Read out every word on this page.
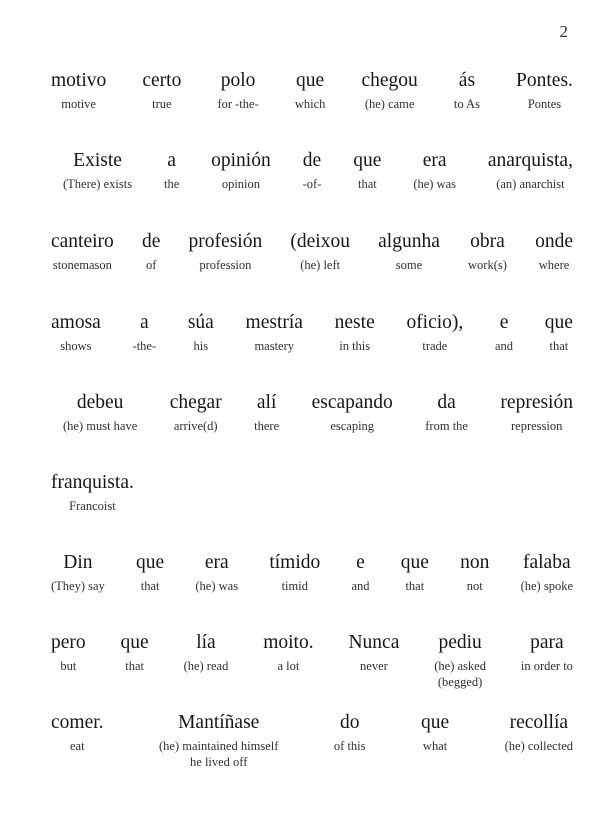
2
motivo
motive
certo
true
polo
for -the-
que
which
chegou
(he) came
ás
to As
Pontes.
Pontes
Existe
(There) exists
a
the
opinión
opinion
de
-of-
que
that
era
(he) was
anarquista,
(an) anarchist
canteiro
stonemason
de
of
profesión
profession
(deixou
(he) left
algunha
some
obra
work(s)
onde
where
amosa
shows
a
-the-
súa
his
mestría
mastery
neste
in this
oficio),
trade
e
and
que
that
debeu
(he) must have
chegar
arrive(d)
alí
there
escapando
escaping
da
from the
represión
repression
franquista.
Francoist
Din
(They) say
que
that
era
(he) was
tímido
timid
e
and
que
that
non
not
falaba
(he) spoke
pero
but
que
that
lía
(he) read
moito.
a lot
Nunca
never
pediu
(he) asked
(begged)
para
in order to
comer.
eat
Mantíñase
(he) maintained himself
he lived off
do
of this
que
what
recollía
(he) collected
